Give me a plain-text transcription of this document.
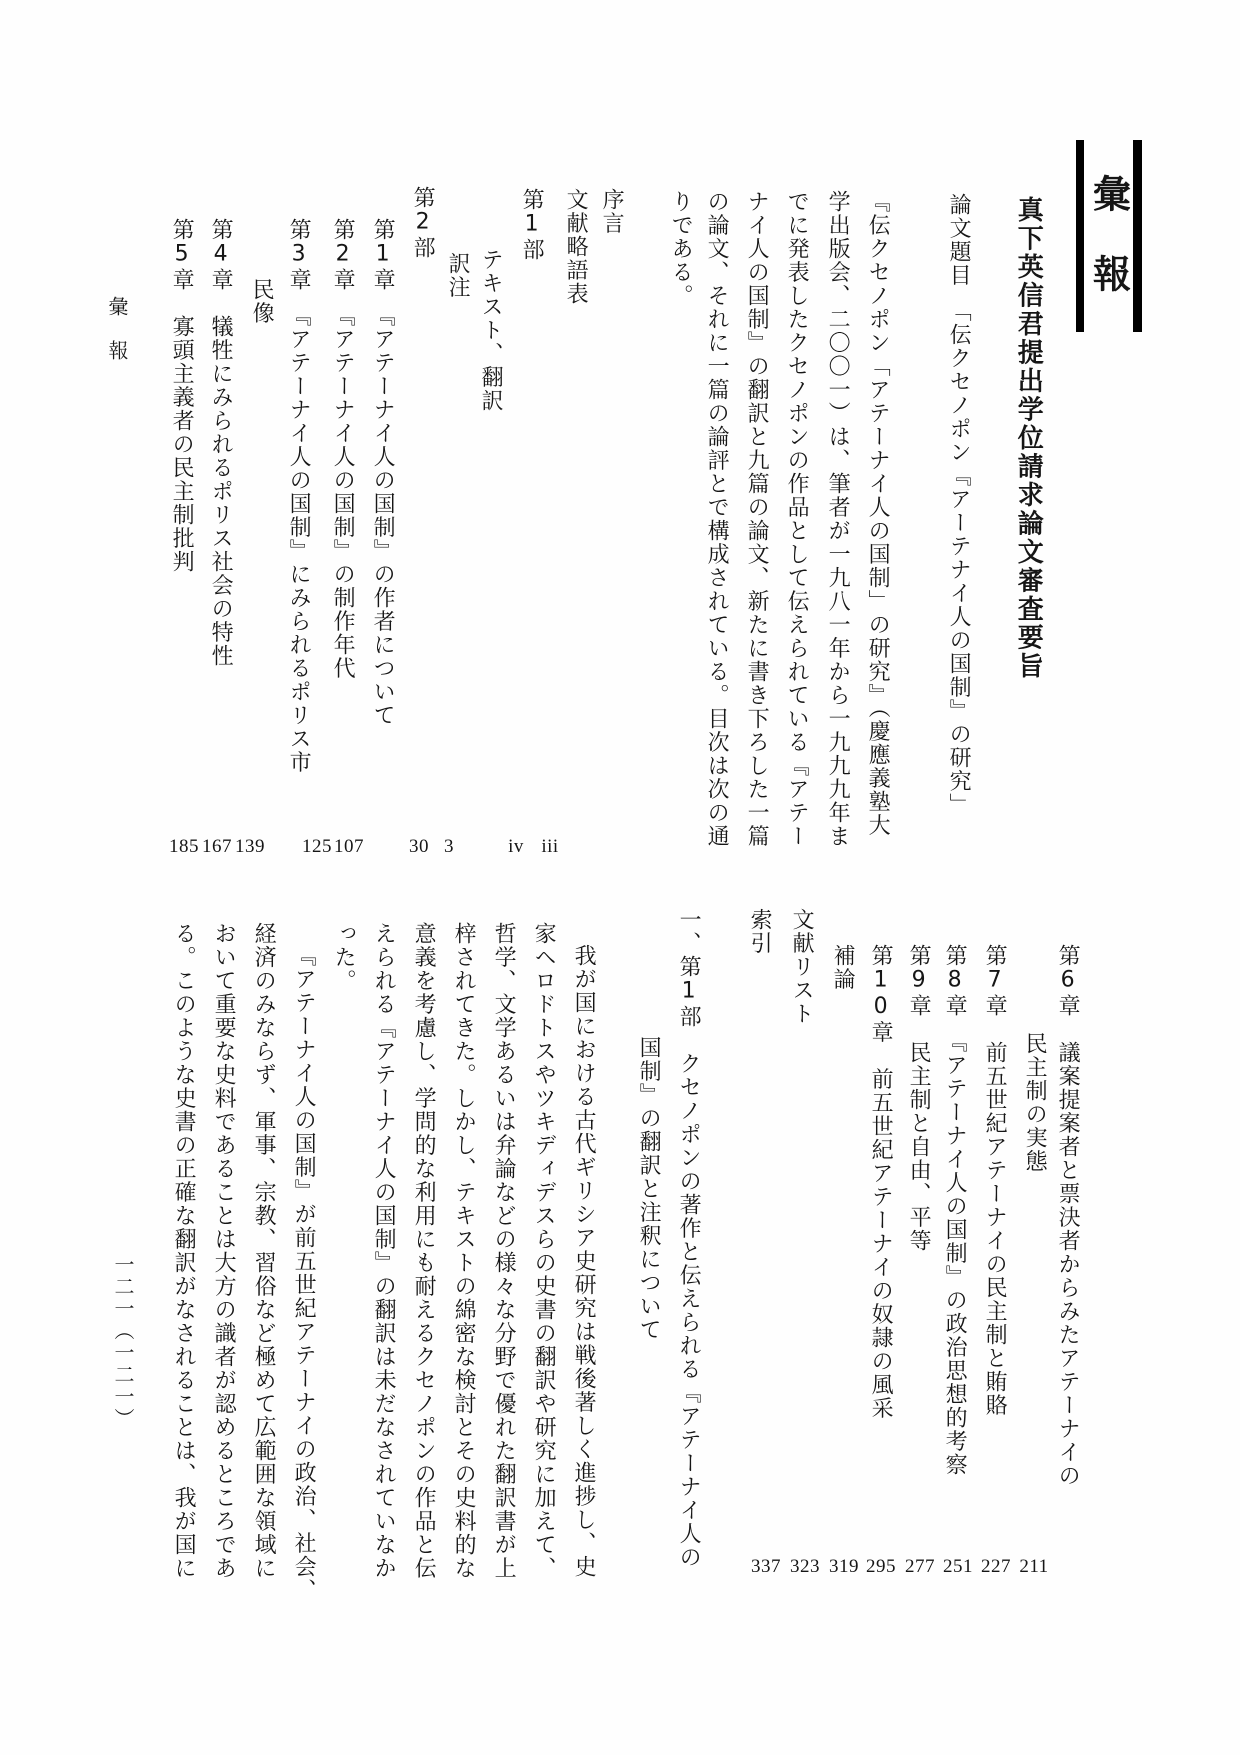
彙報
真下英信君提出学位請求論文審査要旨
論文題目　「伝クセノポン『アーテナイ人の国制』の研究」
『伝クセノポン「アテーナイ人の国制」の研究』（慶應義塾大
学出版会、二〇〇一）は、筆者が一九八一年から一九九九年ま
でに発表したクセノポンの作品として伝えられている『アテー
ナイ人の国制』の翻訳と九篇の論文、新たに書き下ろした一篇
の論文、それに一篇の論評とで構成されている。目次は次の通
りである。
序言
文献略語表
第1部
テキスト、翻訳
訳注
第2部
第1章　『アテーナイ人の国制』の作者について
第2章　『アテーナイ人の国制』の制作年代
第3章　『アテーナイ人の国制』にみられるポリス市
民像
第4章　犠牲にみられるポリス社会の特性
第5章　寡頭主義者の民主制批判
iii
iv
3
30
107
125
139
167
185
彙　報
第6章　議案提案者と票決者からみたアテーナイの
民主制の実態
第7章　前五世紀アテーナイの民主制と賄賂
第8章　『アテーナイ人の国制』の政治思想的考察
第9章　民主制と自由、平等
第10章　前五世紀アテーナイの奴隷の風采
補論
文献リスト
索引
211
227
251
277
295
319
323
337
一、第1部　クセノポンの著作と伝えられる『アテーナイ人の
国制』の翻訳と注釈について
我が国における古代ギリシア史研究は戦後著しく進捗し、史
家ヘロドトスやツキディデスらの史書の翻訳や研究に加えて、
哲学、文学あるいは弁論などの様々な分野で優れた翻訳書が上
梓されてきた。しかし、テキストの綿密な検討とその史料的な
意義を考慮し、学問的な利用にも耐えるクセノポンの作品と伝
えられる『アテーナイ人の国制』の翻訳は未だなされていなか
った。
『アテーナイ人の国制』が前五世紀アテーナイの政治、社会、
経済のみならず、軍事、宗教、習俗など極めて広範囲な領域に
おいて重要な史料であることは大方の識者が認めるところであ
る。このような史書の正確な翻訳がなされることは、我が国に
一二一（一二一）
